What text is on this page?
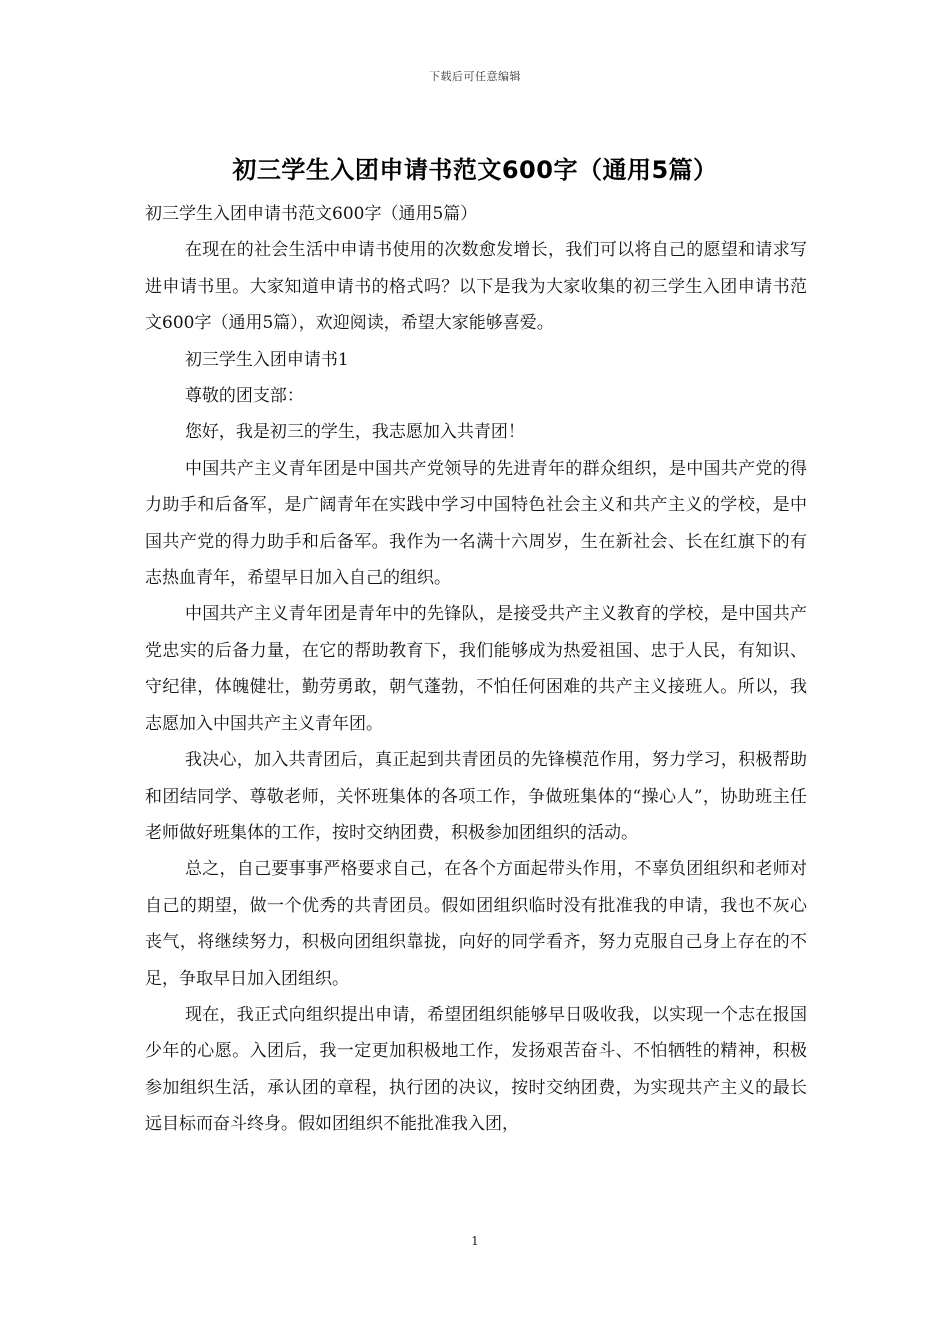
下载后可任意编辑
初三学生入团申请书范文600字（通用5篇）

初三学生入团申请书范文600字（通用5篇）

在现在的社会生活中申请书使用的次数愈发增长，我们可以将自己的愿望和请求写进申请书里。大家知道申请书的格式吗？以下是我为大家收集的初三学生入团申请书范文600字（通用5篇），欢迎阅读，希望大家能够喜爱。

初三学生入团申请书1

尊敬的团支部：

您好，我是初三的学生，我志愿加入共青团！

中国共产主义青年团是中国共产党领导的先进青年的群众组织，是中国共产党的得力助手和后备军，是广阔青年在实践中学习中国特色社会主义和共产主义的学校，是中国共产党的得力助手和后备军。我作为一名满十六周岁，生在新社会、长在红旗下的有志热血青年，希望早日加入自己的组织。

中国共产主义青年团是青年中的先锋队，是接受共产主义教育的学校，是中国共产党忠实的后备力量，在它的帮助教育下，我们能够成为热爱祖国、忠于人民，有知识、守纪律，体魄健壮，勤劳勇敢，朝气蓬勃，不怕任何困难的共产主义接班人。所以，我志愿加入中国共产主义青年团。

我决心，加入共青团后，真正起到共青团员的先锋模范作用，努力学习，积极帮助和团结同学、尊敬老师，关怀班集体的各项工作，争做班集体的“操心人”，协助班主任老师做好班集体的工作，按时交纳团费，积极参加团组织的活动。

总之，自己要事事严格要求自己，在各个方面起带头作用，不辜负团组织和老师对自己的期望，做一个优秀的共青团员。假如团组织临时没有批准我的申请，我也不灰心丧气，将继续努力，积极向团组织靠拢，向好的同学看齐，努力克服自己身上存在的不足，争取早日加入团组织。

现在，我正式向组织提出申请，希望团组织能够早日吸收我，以实现一个志在报国少年的心愿。入团后，我一定更加积极地工作，发扬艰苦奋斗、不怕牺牲的精神，积极参加组织生活，承认团的章程，执行团的决议，按时交纳团费，为实现共产主义的最长远目标而奋斗终身。假如团组织不能批准我入团，

1
